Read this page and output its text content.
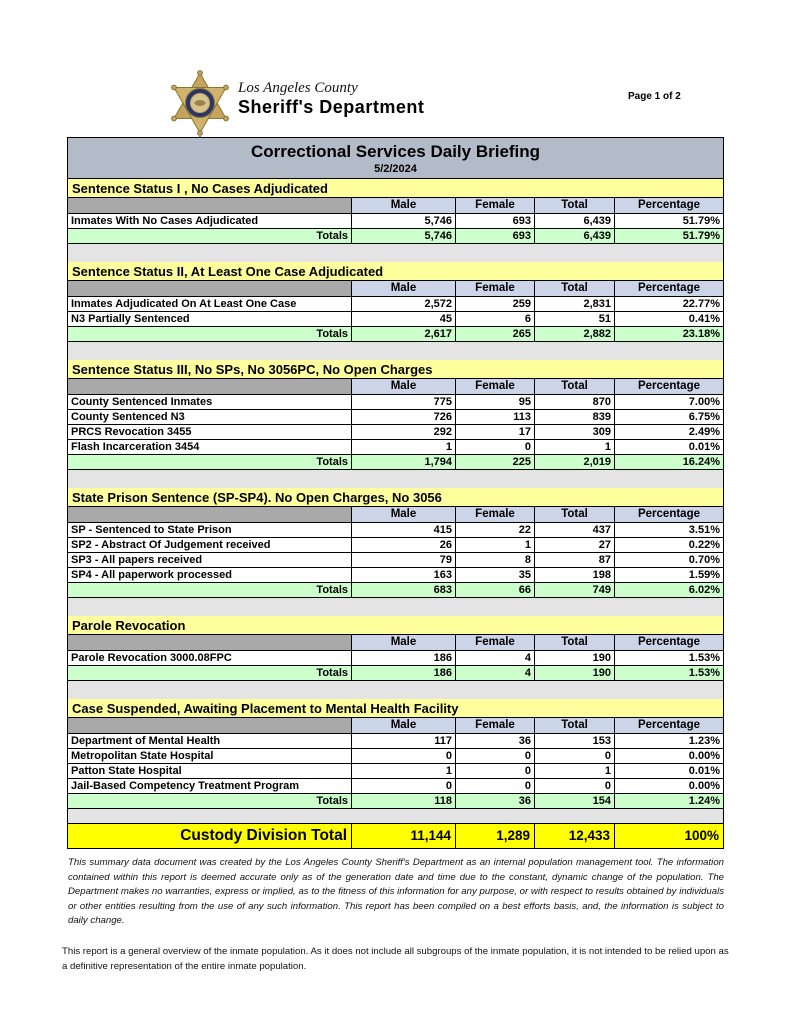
Los Angeles County
Sheriff's Department
Page 1 of 2
Correctional Services Daily Briefing
5/2/2024
Sentence Status I , No Cases Adjudicated
Male	Female	Total	Percentage
Inmates With No Cases Adjudicated	5,746	693	6,439	51.79%
Totals	5,746	693	6,439	51.79%
Sentence Status II, At Least One Case Adjudicated
Male	Female	Total	Percentage
Inmates Adjudicated On At Least One Case	2,572	259	2,831	22.77%
N3 Partially Sentenced	45	6	51	0.41%
Totals	2,617	265	2,882	23.18%
Sentence Status III, No SPs, No 3056PC, No Open Charges
Male	Female	Total	Percentage
County Sentenced Inmates	775	95	870	7.00%
County Sentenced N3	726	113	839	6.75%
PRCS Revocation 3455	292	17	309	2.49%
Flash Incarceration 3454	1	0	1	0.01%
Totals	1,794	225	2,019	16.24%
State Prison Sentence (SP-SP4). No Open Charges, No 3056
Male	Female	Total	Percentage
SP - Sentenced to State Prison	415	22	437	3.51%
SP2 - Abstract Of Judgement received	26	1	27	0.22%
SP3 - All papers received	79	8	87	0.70%
SP4 - All paperwork processed	163	35	198	1.59%
Totals	683	66	749	6.02%
Parole Revocation
Male	Female	Total	Percentage
Parole Revocation 3000.08FPC	186	4	190	1.53%
Totals	186	4	190	1.53%
Case Suspended, Awaiting Placement to Mental Health Facility
Male	Female	Total	Percentage
Department of Mental Health	117	36	153	1.23%
Metropolitan State Hospital	0	0	0	0.00%
Patton State Hospital	1	0	1	0.01%
Jail-Based Competency Treatment Program	0	0	0	0.00%
Totals	118	36	154	1.24%
Custody Division Total	11,144	1,289	12,433	100%
This summary data document was created by the Los Angeles County Sheriff's Department as an internal population management tool. The information contained within this report is deemed accurate only as of the generation date and time due to the constant, dynamic change of the population. The Department makes no warranties, express or implied, as to the fitness of this information for any purpose, or with respect to results obtained by individuals or other entities resulting from the use of any such information. This report has been compiled on a best efforts basis, and, the information is subject to daily change.
This report is a general overview of the inmate population. As it does not include all subgroups of the inmate population, it is not intended to be relied upon as a definitive representation of the entire inmate population.
